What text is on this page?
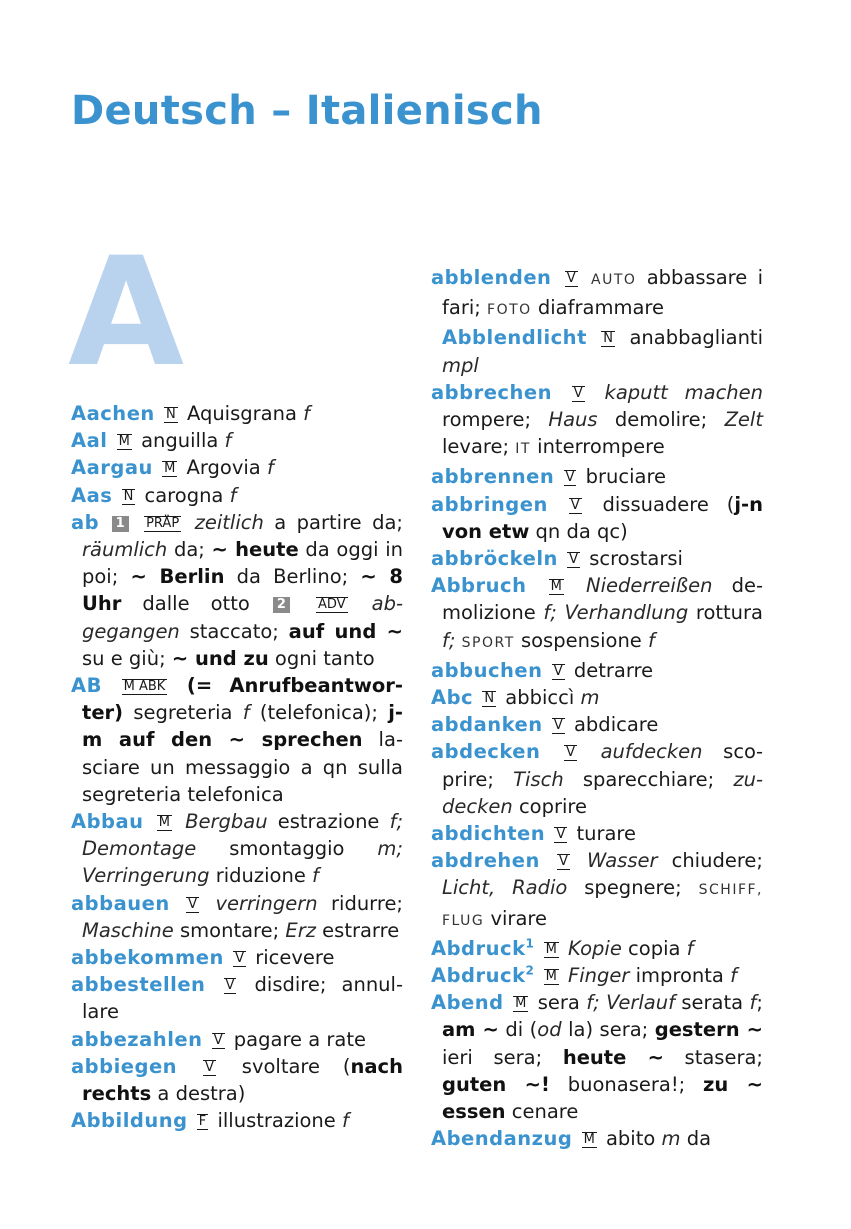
Deutsch – Italienisch
A

Aachen N Aquisgrana f

Aal M anguilla f

Aargau M Argovia f

Aas N carogna f

ab 1 PRÄP zeitlich a partire da; räumlich da; ~ heute da oggi in poi; ~ Berlin da Berlino; ~ 8 Uhr dalle otto 2 ADV abgegangen staccato; auf und ~ su e giù; ~ und zu ogni tanto

AB M ABK (= Anrufbeantworter) segreteria f (telefonica); j-m auf den ~ sprechen lasciare un messaggio a qn sulla segreteria telefonica

Abbau M Bergbau estrazione f; Demontage smontaggio m; Verringerung riduzione f

abbauen V verringern ridurre; Maschine smontare; Erz estrarre

abbekommen V ricevere

abbestellen V disdire; annullare

abbezahlen V pagare a rate

abbiegen V svoltare (nach rechts a destra)

Abbildung F illustrazione f

abblenden V AUTO abbassare i fari; FOTO diaframmare

Abblendlicht N anabbaglianti mpl

abbrechen V kaputt machen rompere; Haus demolire; Zelt levare; IT interrompere

abbrennen V bruciare

abbringen V dissuadere (j-n von etw qn da qc)

abbröckeln V scrostarsi

Abbruch M Niederreißen demolizione f; Verhandlung rottura f; SPORT sospensione f

abbuchen V detrarre

Abc N abbiccì m

abdanken V abdicare

abdecken V aufdecken scoprire; Tisch sparecchiare; zudecken coprire

abdichten V turare

abdrehen V Wasser chiudere; Licht, Radio spegnere; SCHIFF, FLUG virare

Abdruck$^1$ M Kopie copia f

Abdruck$^2$ M Finger impronta f

Abend M sera f; Verlauf serata f; am ~ di (od la) sera; gestern ~ ieri sera; heute ~ stasera; guten ~! buonasera!; zu ~ essen cenare

Abendanzug M abito m da
